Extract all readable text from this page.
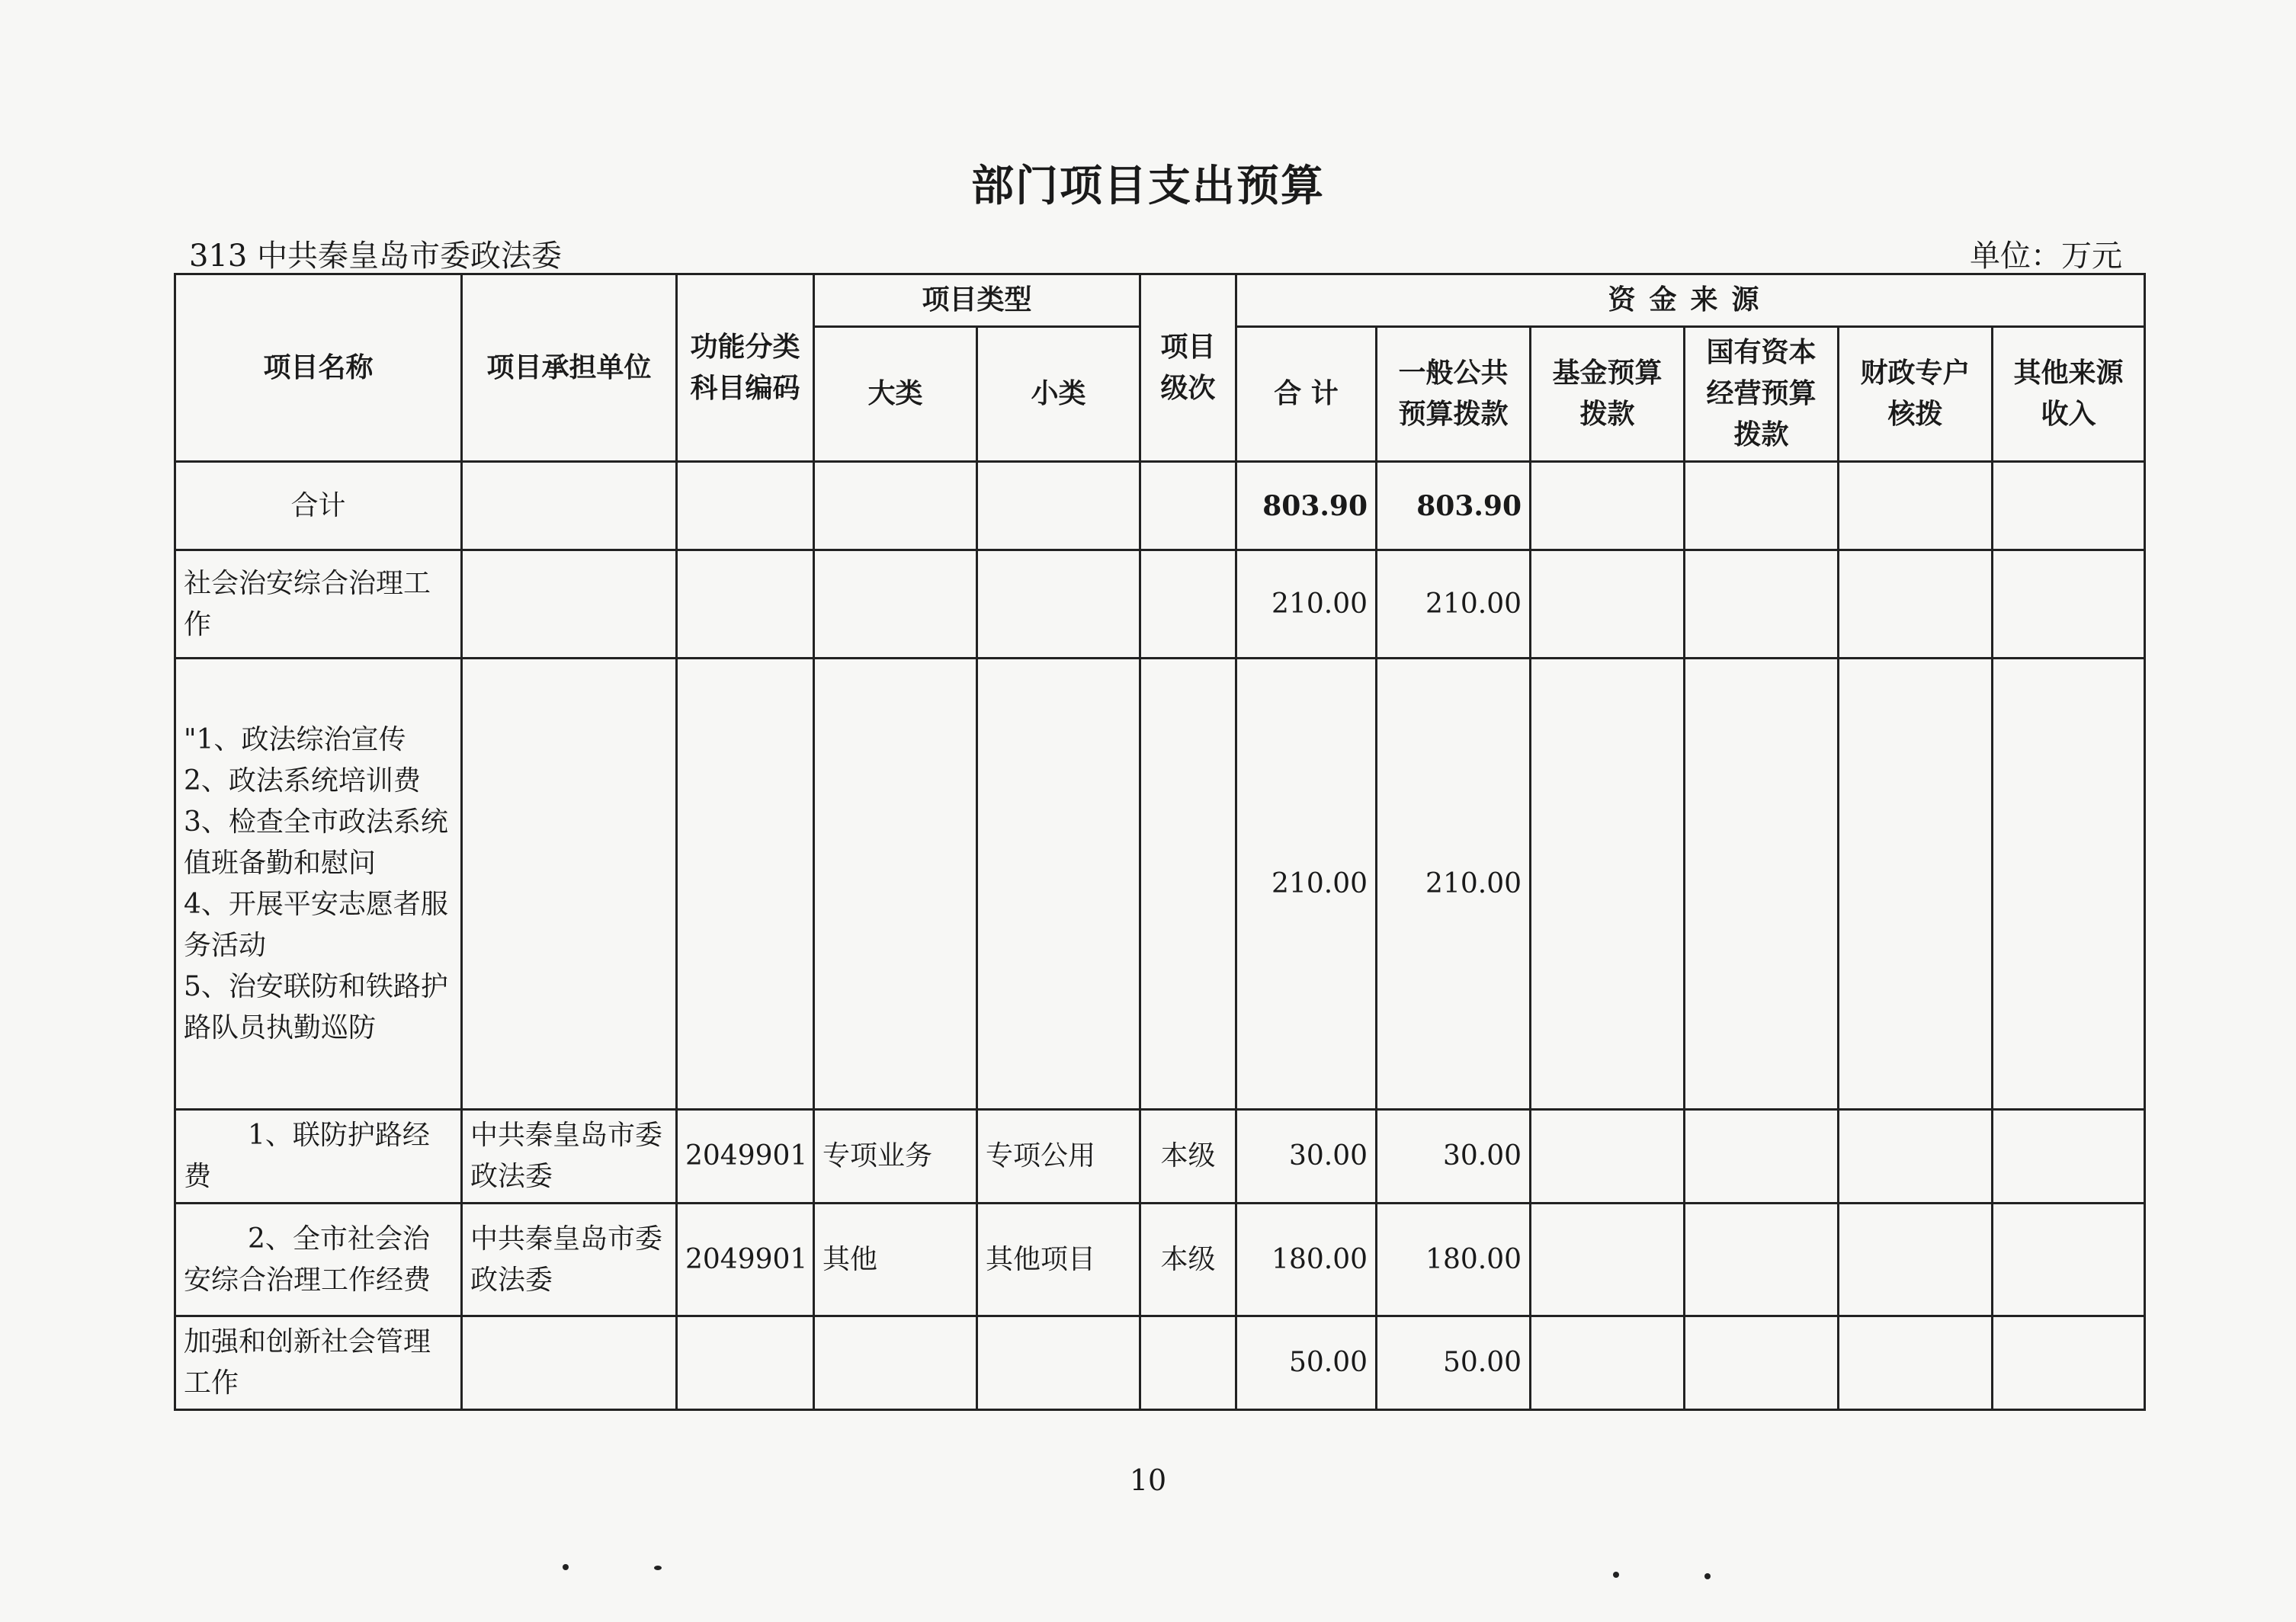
部门项目支出预算
313 中共秦皇岛市委政法委	单位：万元
项目名称	项目承担单位	功能分类科目编码	项目类型		项目级次	资金来源					
			大类	小类		合 计	一般公共预算拨款	基金预算拨款	国有资本经营预算拨款	财政专户核拨	其他来源收入
合计						803.90	803.90				
社会治安综合治理工作						210.00	210.00				
"1、政法综治宣传
2、政法系统培训费
3、检查全市政法系统值班备勤和慰问
4、开展平安志愿者服务活动
5、治安联防和铁路护路队员执勤巡防						210.00	210.00				
1、联防护路经费	中共秦皇岛市委政法委	2049901	专项业务	专项公用	本级	30.00	30.00				
2、全市社会治安综合治理工作经费	中共秦皇岛市委政法委	2049901	其他	其他项目	本级	180.00	180.00				
加强和创新社会管理工作						50.00	50.00				
10
